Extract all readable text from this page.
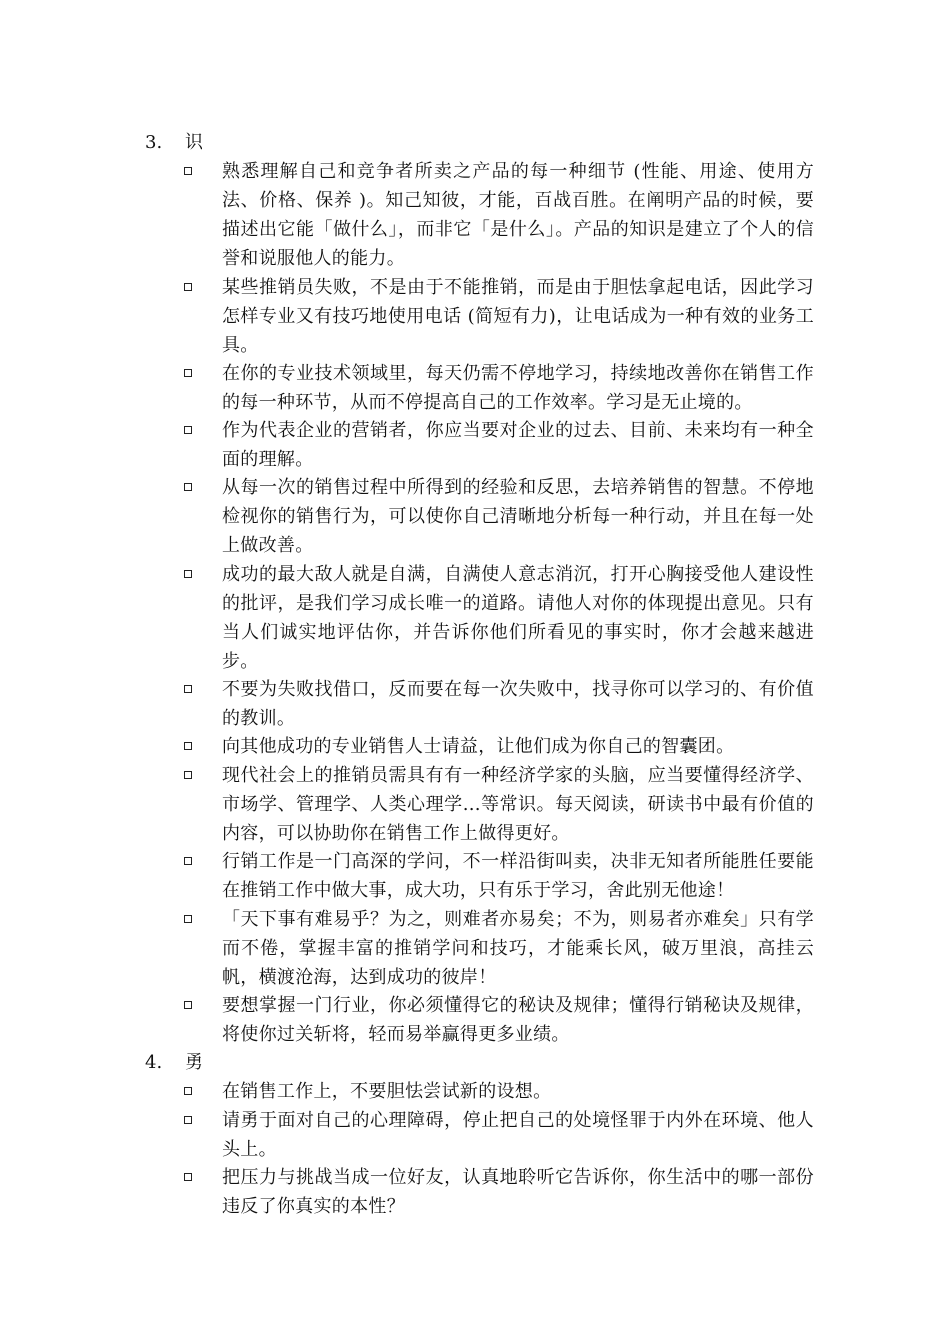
3. 识
熟悉理解自己和竞争者所卖之产品的每一种细节 (性能、用途、使用方法、价格、保养 )。知己知彼，才能，百战百胜。在阐明产品的时候，要描述出它能「做什么」，而非它「是什么」。产品的知识是建立了个人的信誉和说服他人的能力。
某些推销员失败，不是由于不能推销，而是由于胆怯拿起电话，因此学习怎样专业又有技巧地使用电话 (简短有力)，让电话成为一种有效的业务工具。
在你的专业技术领域里，每天仍需不停地学习，持续地改善你在销售工作的每一种环节，从而不停提高自己的工作效率。学习是无止境的。
作为代表企业的营销者，你应当要对企业的过去、目前、未来均有一种全面的理解。
从每一次的销售过程中所得到的经验和反思，去培养销售的智慧。不停地检视你的销售行为，可以使你自己清晰地分析每一种行动，并且在每一处上做改善。
成功的最大敌人就是自满，自满使人意志消沉，打开心胸接受他人建设性的批评，是我们学习成长唯一的道路。请他人对你的体现提出意见。只有当人们诚实地评估你，并告诉你他们所看见的事实时，你才会越来越进步。
不要为失败找借口，反而要在每一次失败中，找寻你可以学习的、有价值的教训。
向其他成功的专业销售人士请益，让他们成为你自己的智囊团。
现代社会上的推销员需具有有一种经济学家的头脑，应当要懂得经济学、市场学、管理学、人类心理学…等常识。每天阅读，研读书中最有价值的内容，可以协助你在销售工作上做得更好。
行销工作是一门高深的学问，不一样沿街叫卖，决非无知者所能胜任要能在推销工作中做大事，成大功，只有乐于学习，舍此别无他途！
「天下事有难易乎？为之，则难者亦易矣；不为，则易者亦难矣」只有学而不倦，掌握丰富的推销学问和技巧，才能乘长风，破万里浪，高挂云帆，横渡沧海，达到成功的彼岸！
要想掌握一门行业，你必须懂得它的秘诀及规律；懂得行销秘诀及规律，将使你过关斩将，轻而易举赢得更多业绩。
4. 勇
在销售工作上，不要胆怯尝试新的设想。
请勇于面对自己的心理障碍，停止把自己的处境怪罪于内外在环境、他人头上。
把压力与挑战当成一位好友，认真地聆听它告诉你，你生活中的哪一部份违反了你真实的本性？
